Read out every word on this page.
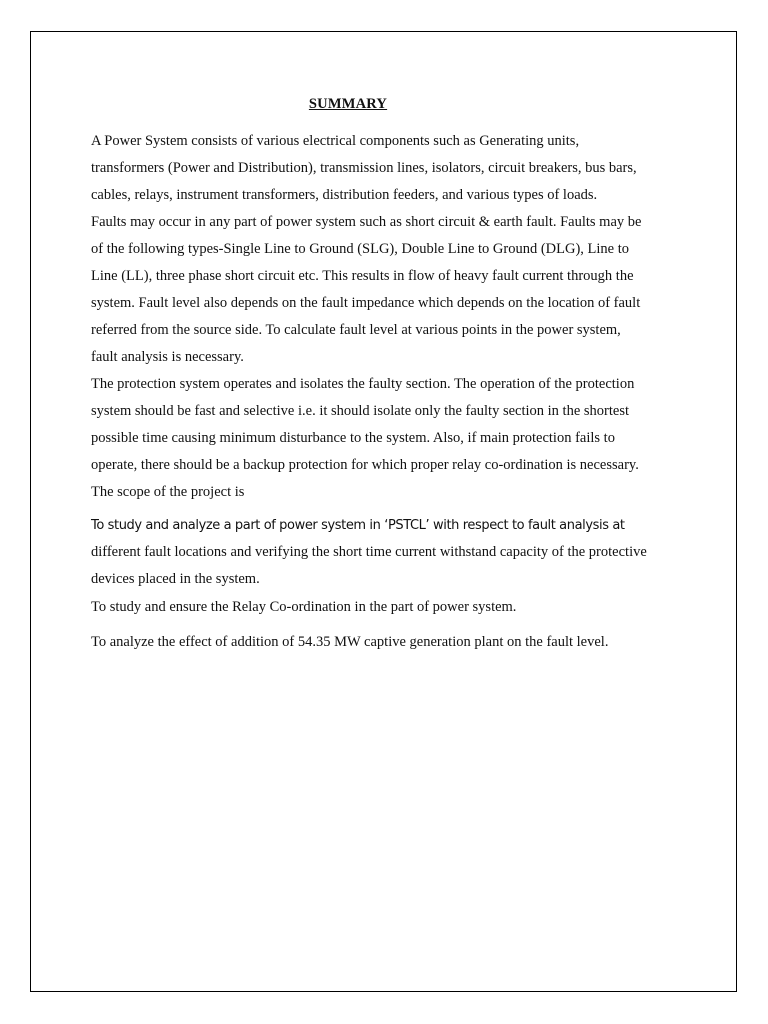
SUMMARY
A Power System consists of various electrical components such as Generating units,
transformers (Power and Distribution), transmission lines, isolators, circuit breakers, bus bars,
cables, relays, instrument transformers, distribution feeders, and various types of loads.
Faults may occur in any part of power system such as short circuit & earth fault. Faults may be
of the following types-Single Line to Ground (SLG), Double Line to Ground (DLG), Line to
Line (LL), three phase short circuit etc. This results in flow of heavy fault current through the
system. Fault level also depends on the fault impedance which depends on the location of fault
referred from the source side. To calculate fault level at various points in the power system,
fault analysis is necessary.
The protection system operates and isolates the faulty section. The operation of the protection
system should be fast and selective i.e. it should isolate only the faulty section in the shortest
possible time causing minimum disturbance to the system. Also, if main protection fails to
operate, there should be a backup protection for which proper relay co-ordination is necessary.
The scope of the project is
To study and analyze a part of power system in ‘PSTCL’ with respect to fault analysis at
different fault locations and verifying the short time current withstand capacity of the protective
devices placed in the system.
To study and ensure the Relay Co-ordination in the part of power system.
To analyze the effect of addition of 54.35 MW captive generation plant on the fault level.
